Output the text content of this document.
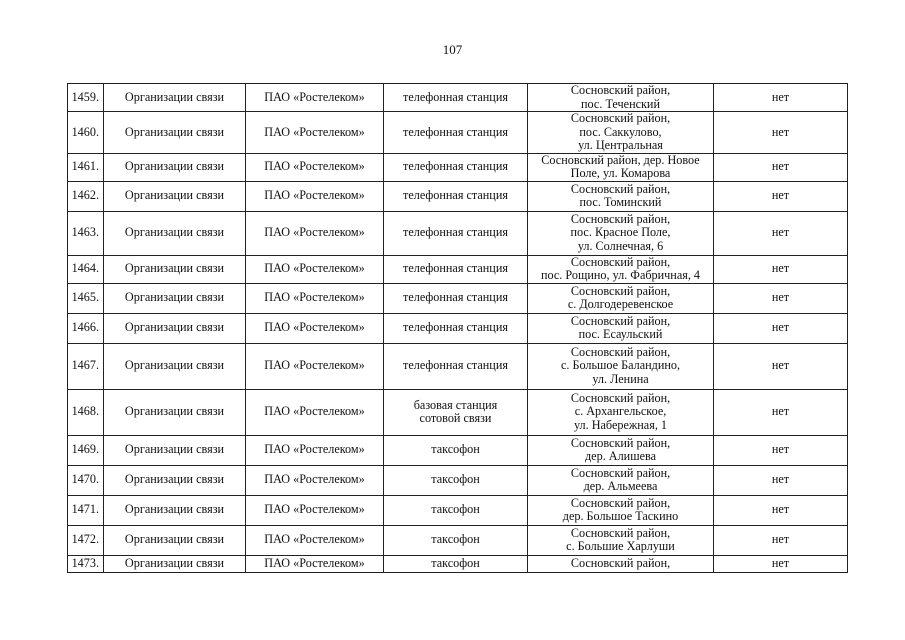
107
1459.	Организации связи	ПАО «Ростелеком»	телефонная станция	Сосновский район,
пос. Теченский	нет
1460.	Организации связи	ПАО «Ростелеком»	телефонная станция	Сосновский район,
пос. Саккулово,
ул. Центральная	нет
1461.	Организации связи	ПАО «Ростелеком»	телефонная станция	Сосновский район, дер. Новое
Поле, ул. Комарова	нет
1462.	Организации связи	ПАО «Ростелеком»	телефонная станция	Сосновский район,
пос. Томинский	нет
1463.	Организации связи	ПАО «Ростелеком»	телефонная станция	Сосновский район,
пос. Красное Поле,
ул. Солнечная, 6	нет
1464.	Организации связи	ПАО «Ростелеком»	телефонная станция	Сосновский район,
пос. Рощино, ул. Фабричная, 4	нет
1465.	Организации связи	ПАО «Ростелеком»	телефонная станция	Сосновский район,
с. Долгодеревенское	нет
1466.	Организации связи	ПАО «Ростелеком»	телефонная станция	Сосновский район,
пос. Есаульский	нет
1467.	Организации связи	ПАО «Ростелеком»	телефонная станция	Сосновский район,
с. Большое Баландино,
ул. Ленина	нет
1468.	Организации связи	ПАО «Ростелеком»	базовая станция
сотовой связи	Сосновский район,
с. Архангельское,
ул. Набережная, 1	нет
1469.	Организации связи	ПАО «Ростелеком»	таксофон	Сосновский район,
дер. Алишева	нет
1470.	Организации связи	ПАО «Ростелеком»	таксофон	Сосновский район,
дер. Альмеева	нет
1471.	Организации связи	ПАО «Ростелеком»	таксофон	Сосновский район,
дер. Большое Таскино	нет
1472.	Организации связи	ПАО «Ростелеком»	таксофон	Сосновский район,
с. Большие Харлуши	нет
1473.	Организации связи	ПАО «Ростелеком»	таксофон	Сосновский район,	нет
